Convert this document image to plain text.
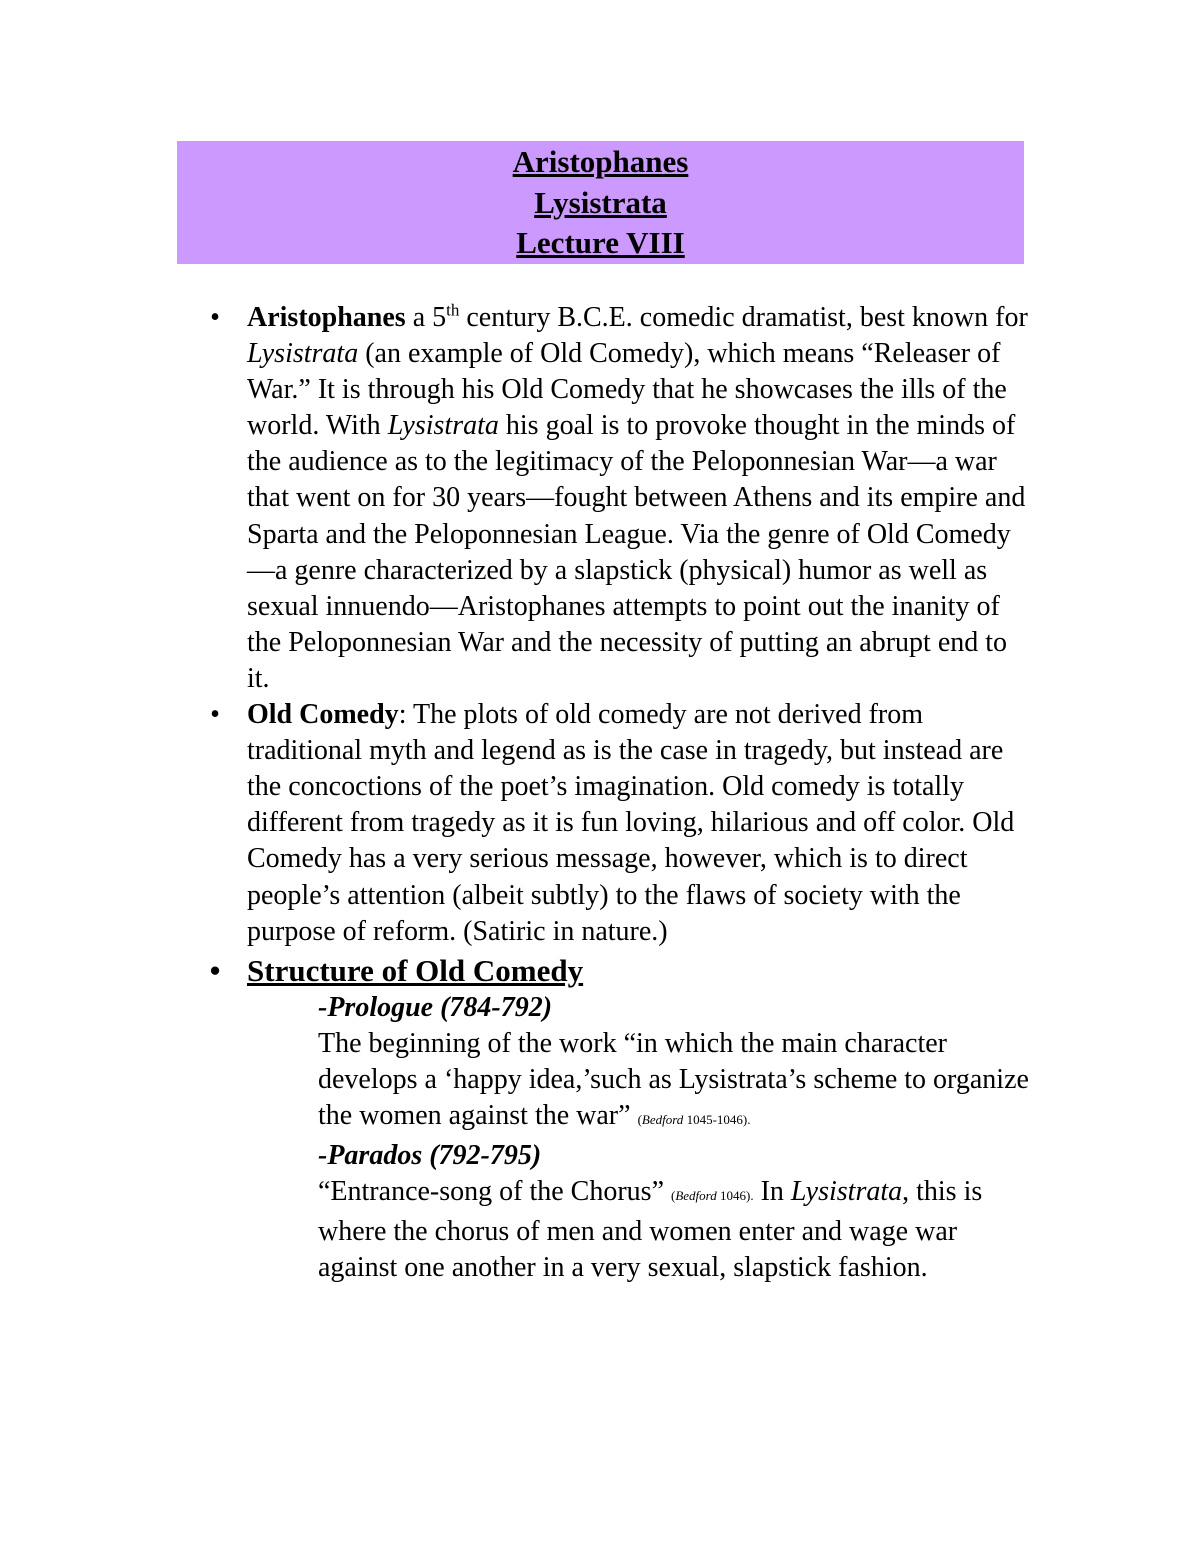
Aristophanes
Lysistrata
Lecture VIII
• Aristophanes a 5th century B.C.E. comedic dramatist, best known for Lysistrata (an example of Old Comedy), which means “Releaser of War.” It is through his Old Comedy that he showcases the ills of the world. With Lysistrata his goal is to provoke thought in the minds of the audience as to the legitimacy of the Peloponnesian War—a war that went on for 30 years—fought between Athens and its empire and Sparta and the Peloponnesian League. Via the genre of Old Comedy —a genre characterized by a slapstick (physical) humor as well as sexual innuendo—Aristophanes attempts to point out the inanity of the Peloponnesian War and the necessity of putting an abrupt end to it.

• Old Comedy: The plots of old comedy are not derived from traditional myth and legend as is the case in tragedy, but instead are the concoctions of the poet’s imagination. Old comedy is totally different from tragedy as it is fun loving, hilarious and off color. Old Comedy has a very serious message, however, which is to direct people’s attention (albeit subtly) to the flaws of society with the purpose of reform. (Satiric in nature.)

• Structure of Old Comedy
-Prologue (784-792)
The beginning of the work “in which the main character develops a ‘happy idea,’such as Lysistrata’s scheme to organize the women against the war” (Bedford 1045-1046).
-Parados (792-795)
“Entrance-song of the Chorus” (Bedford 1046). In Lysistrata, this is where the chorus of men and women enter and wage war against one another in a very sexual, slapstick fashion.
